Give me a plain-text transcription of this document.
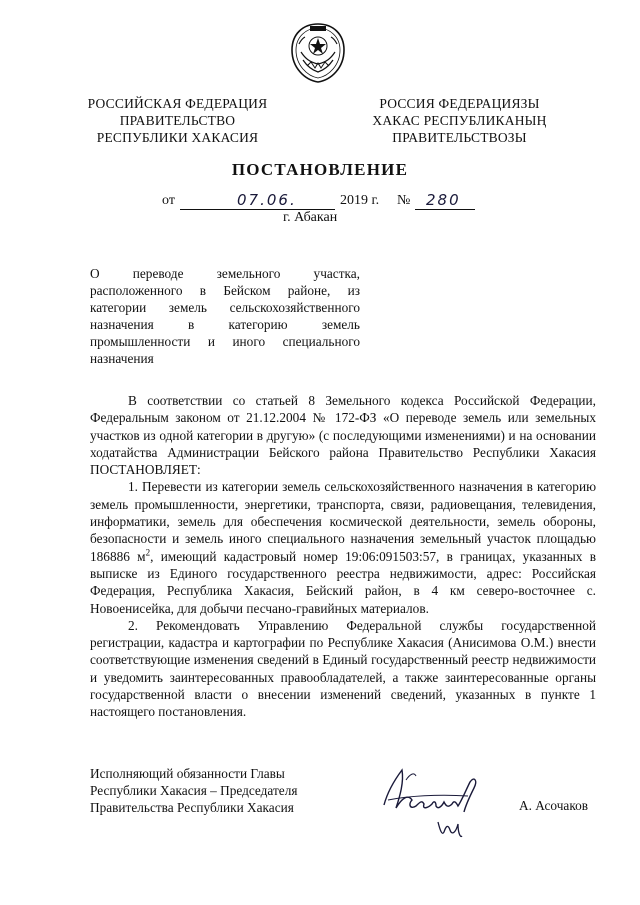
РОССИЙСКАЯ ФЕДЕРАЦИЯ
ПРАВИТЕЛЬСТВО
РЕСПУБЛИКИ ХАКАСИЯ
РОССИЯ ФЕДЕРАЦИЯЗЫ
ХАКАС РЕСПУБЛИКАНЫҢ
ПРАВИТЕЛЬСТВОЗЫ
ПОСТАНОВЛЕНИЕ
от	07.06.	2019 г. № 280
г. Абакан
О переводе земельного участка, расположенного в Бейском районе, из категории земель сельскохозяйственного назначения в категорию земель промышленности и иного специального назначения

В соответствии со статьей 8 Земельного кодекса Российской Федерации, Федеральным законом от 21.12.2004 № 172-ФЗ «О переводе земель или земельных участков из одной категории в другую» (с последующими изменениями) и на основании ходатайства Администрации Бейского района Правительство Республики Хакасия ПОСТАНОВЛЯЕТ:

1. Перевести из категории земель сельскохозяйственного назначения в категорию земель промышленности, энергетики, транспорта, связи, радиовещания, телевидения, информатики, земель для обеспечения космической деятельности, земель обороны, безопасности и земель иного специального назначения земельный участок площадью 186886 $м^2$, имеющий кадастровый номер 19:06:091503:57, в границах, указанных в выписке из Единого государственного реестра недвижимости, адрес: Российская Федерация, Республика Хакасия, Бейский район, в 4 км северо-восточнее с. Новоенисейка, для добычи песчано-гравийных материалов.

2. Рекомендовать Управлению Федеральной службы государственной регистрации, кадастра и картографии по Республике Хакасия (Анисимова О.М.) внести соответствующие изменения сведений в Единый государственный реестр недвижимости и уведомить заинтересованных правообладателей, а также заинтересованные органы государственной власти о внесении изменений сведений, указанных в пункте 1 настоящего постановления.

Исполняющий обязанности Главы
Республики Хакасия – Председателя
Правительства Республики Хакасия	А. Асочаков
